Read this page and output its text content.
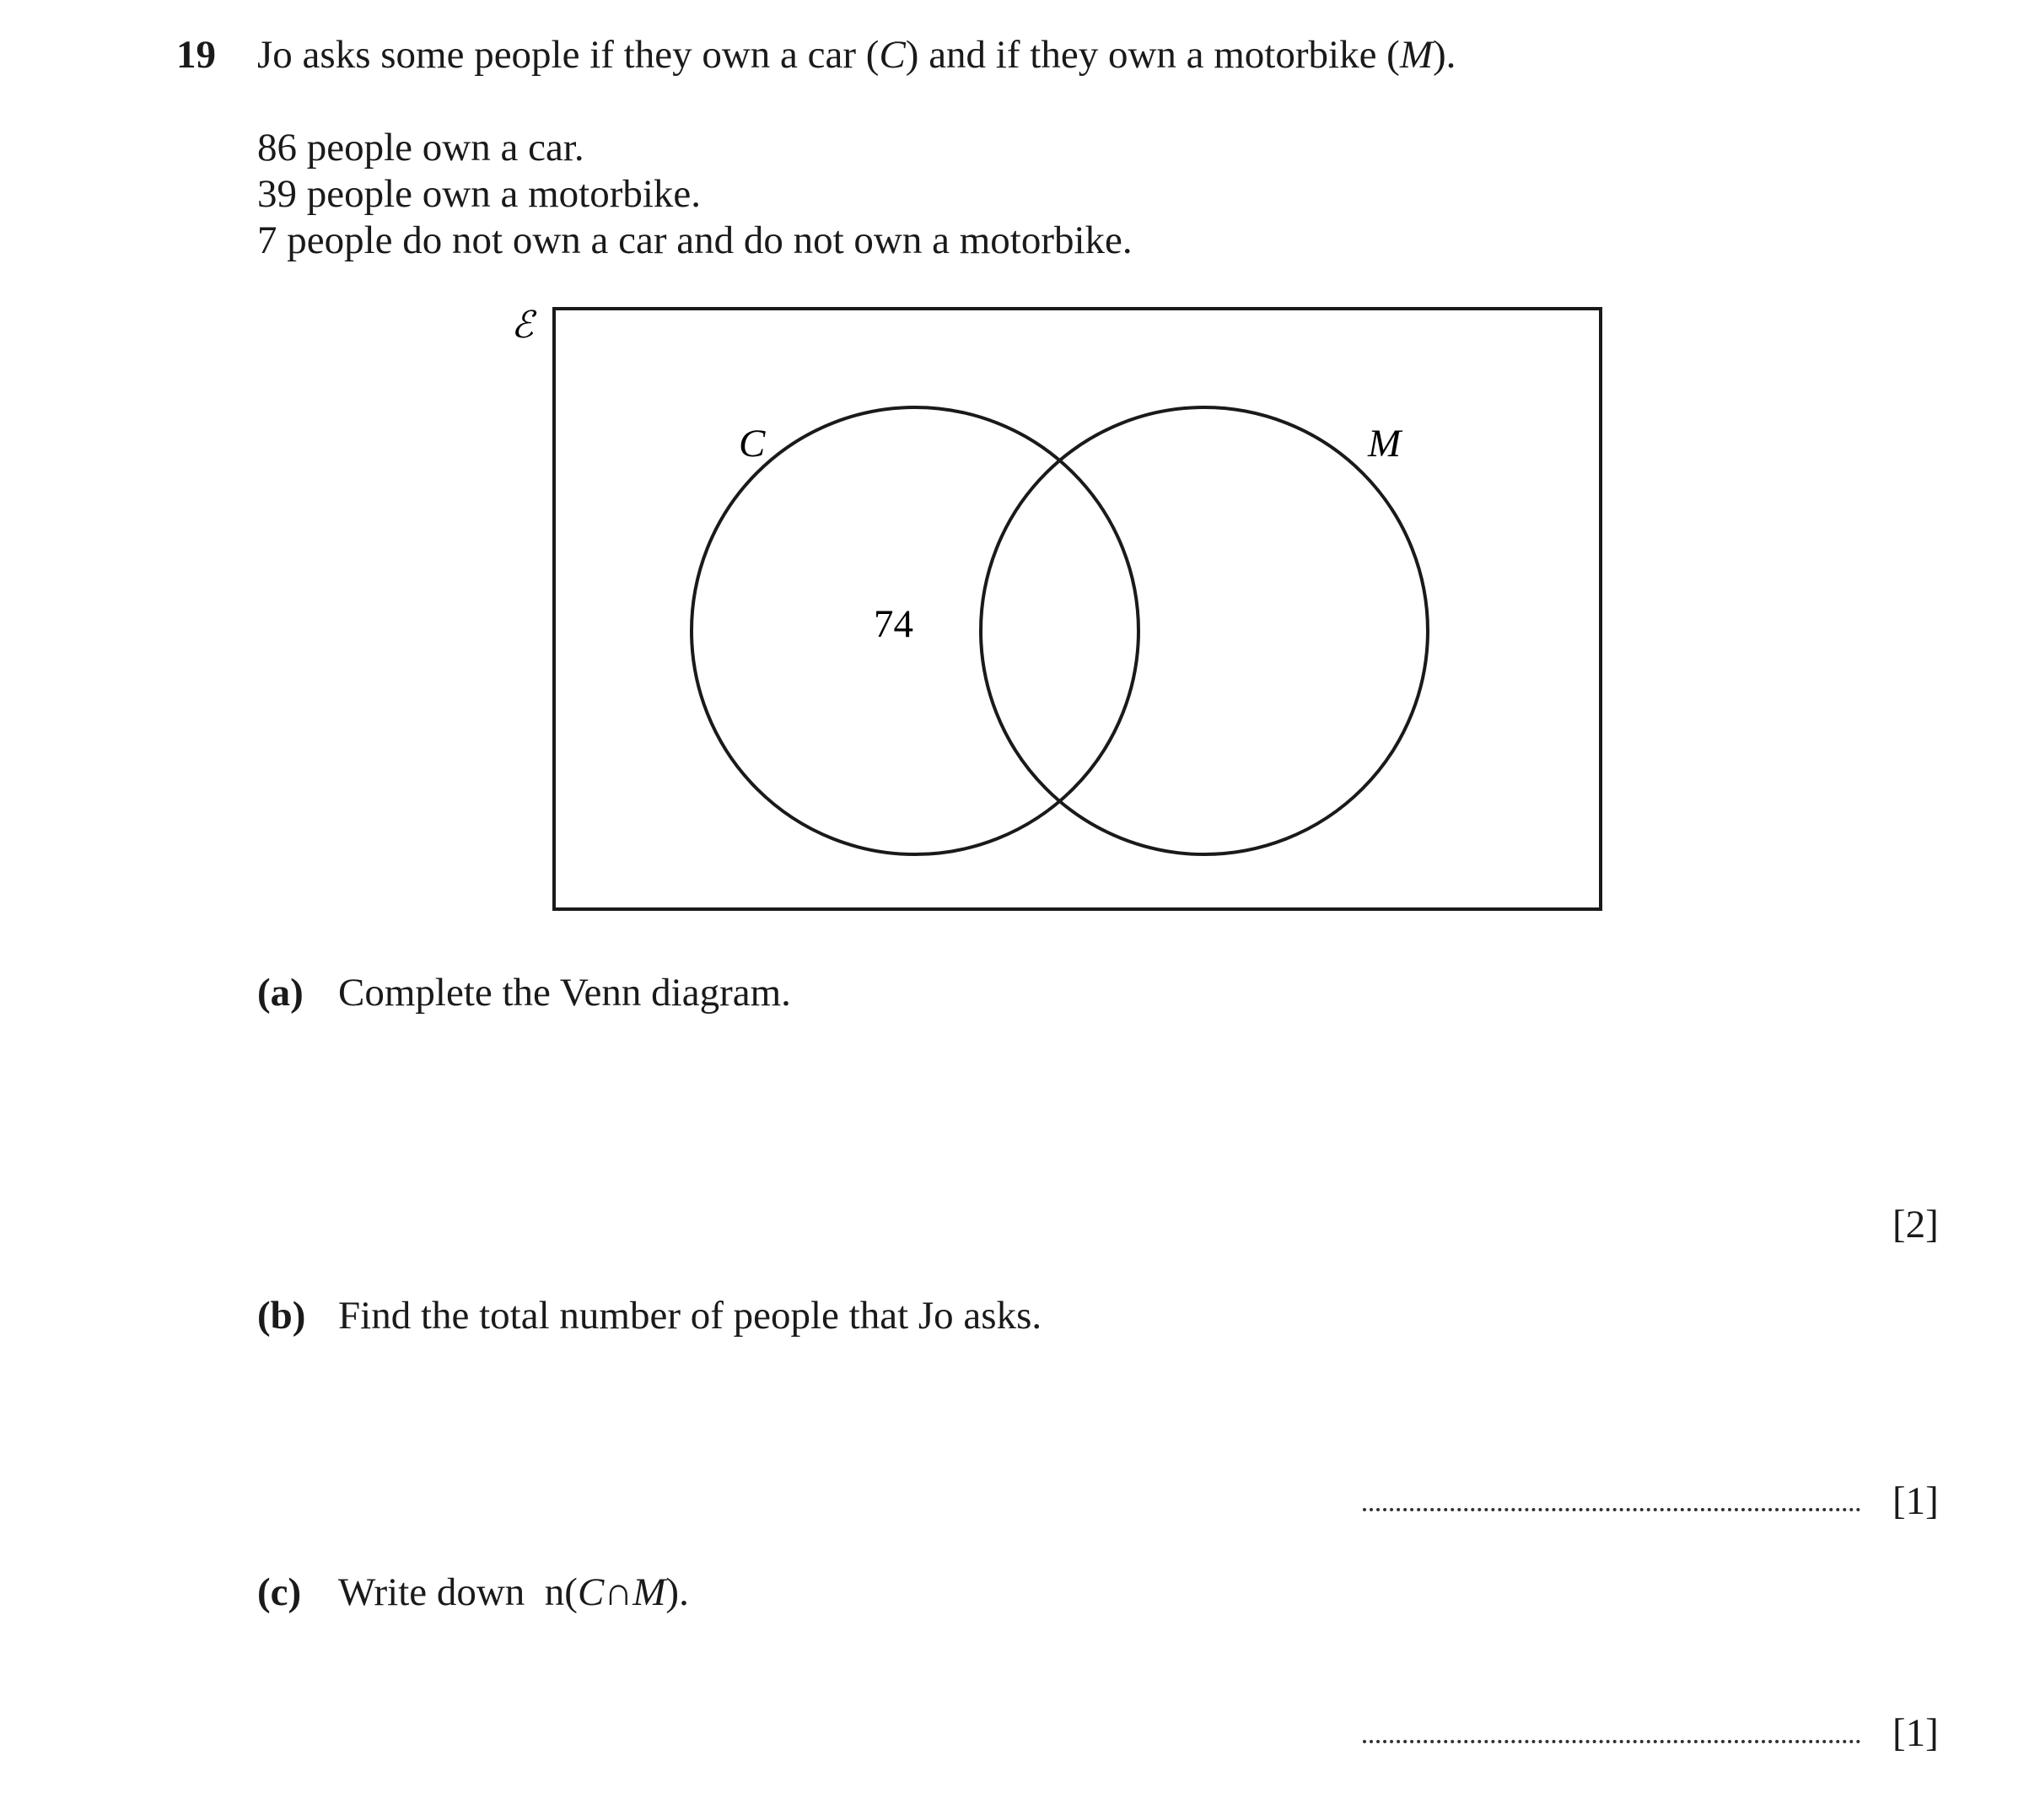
19 Jo asks some people if they own a car (C) and if they own a motorbike (M).
86 people own a car.
39 people own a motorbike.
7 people do not own a car and do not own a motorbike.
ℰ
C	M
74
(a) Complete the Venn diagram.
[2]
(b) Find the total number of people that Jo asks.
[1]
(c) Write down  n(C∩M).
[1]
